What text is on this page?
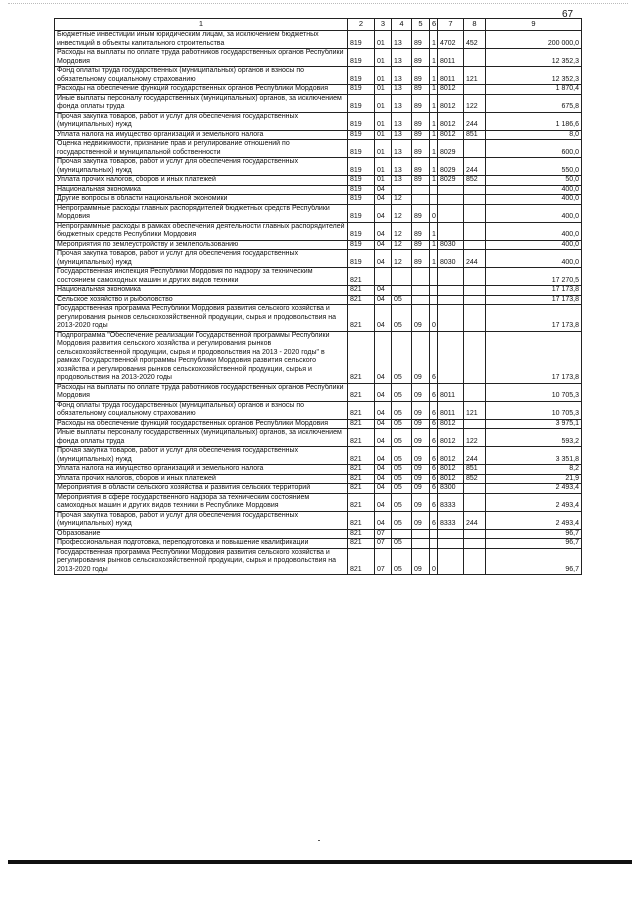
67
1	2	3	4	5	6	7	8	9
Бюджетные инвестиции иным юридическим лицам, за исключением бюджетных инвестиций в объекты капитального строительства	819	01	13	89	1	4702	452	200 000,0
Расходы на выплаты по оплате труда работников государственных органов Республики Мордовия	819	01	13	89	1	8011		12 352,3
Фонд оплаты труда государственных (муниципальных) органов и взносы по обязательному социальному страхованию	819	01	13	89	1	8011	121	12 352,3
Расходы на обеспечение функций государственных органов Республики Мордовия	819	01	13	89	1	8012		1 870,4
Иные выплаты персоналу государственных (муниципальных) органов, за исключением фонда оплаты труда	819	01	13	89	1	8012	122	675,8
Прочая закупка товаров, работ и услуг для обеспечения государственных (муниципальных) нужд	819	01	13	89	1	8012	244	1 186,6
Уплата налога на имущество организаций и земельного налога	819	01	13	89	1	8012	851	8,0
Оценка недвижимости, признание прав и регулирование отношений по государственной и муниципальной собственности	819	01	13	89	1	8029		600,0
Прочая закупка товаров, работ и услуг для обеспечения государственных (муниципальных) нужд	819	01	13	89	1	8029	244	550,0
Уплата прочих налогов, сборов и иных платежей	819	01	13	89	1	8029	852	50,0
Национальная экономика	819	04						400,0
Другие вопросы в области национальной экономики	819	04	12					400,0
Непрограммные расходы главных распорядителей бюджетных средств Республики Мордовия	819	04	12	89	0			400,0
Непрограммные расходы в рамках обеспечения деятельности главных распорядителей бюджетных средств Республики Мордовия	819	04	12	89	1			400,0
Мероприятия по землеустройству и землепользованию	819	04	12	89	1	8030		400,0
Прочая закупка товаров, работ и услуг для обеспечения государственных (муниципальных) нужд	819	04	12	89	1	8030	244	400,0
Государственная инспекция Республики Мордовия по надзору за техническим состоянием самоходных машин и других видов техники	821							17 270,5
Национальная экономика	821	04						17 173,8
Сельское хозяйство и рыболовство	821	04	05					17 173,8
Государственная программа Республики Мордовия развития сельского хозяйства и регулирования рынков сельскохозяйственной продукции, сырья и продовольствия на 2013-2020 годы	821	04	05	09	0			17 173,8
Подпрограмма "Обеспечение реализации Государственной программы Республики Мордовия развития сельского хозяйства и регулирования рынков сельскохозяйственной продукции, сырья и продовольствия на 2013 - 2020 годы" в рамках Государственной программы Республики Мордовия развития сельского хозяйства и регулирования рынков сельскохозяйственной продукции, сырья и продовольствия на 2013-2020 годы	821	04	05	09	6			17 173,8
Расходы на выплаты по оплате труда работников государственных органов Республики Мордовия	821	04	05	09	6	8011		10 705,3
Фонд оплаты труда государственных (муниципальных) органов и взносы по обязательному социальному страхованию	821	04	05	09	6	8011	121	10 705,3
Расходы на обеспечение функций государственных органов Республики Мордовия	821	04	05	09	6	8012		3 975,1
Иные выплаты персоналу государственных (муниципальных) органов, за исключением фонда оплаты труда	821	04	05	09	6	8012	122	593,2
Прочая закупка товаров, работ и услуг для обеспечения государственных (муниципальных) нужд	821	04	05	09	6	8012	244	3 351,8
Уплата налога на имущество организаций и земельного налога	821	04	05	09	6	8012	851	8,2
Уплата прочих налогов, сборов и иных платежей	821	04	05	09	6	8012	852	21,9
Мероприятия в области сельского хозяйства и развития сельских территорий	821	04	05	09	6	8300		2 493,4
Мероприятия в сфере государственного надзора за техническим состоянием самоходных машин и других видов техники в Республике Мордовия	821	04	05	09	6	8333		2 493,4
Прочая закупка товаров, работ и услуг для обеспечения государственных (муниципальных) нужд	821	04	05	09	6	8333	244	2 493,4
Образование	821	07						96,7
Профессиональная подготовка, переподготовка и повышение квалификации	821	07	05					96,7
Государственная программа Республики Мордовия развития сельского хозяйства и регулирования рынков сельскохозяйственной продукции, сырья и продовольствия на 2013-2020 годы	821	07	05	09	0			96,7
